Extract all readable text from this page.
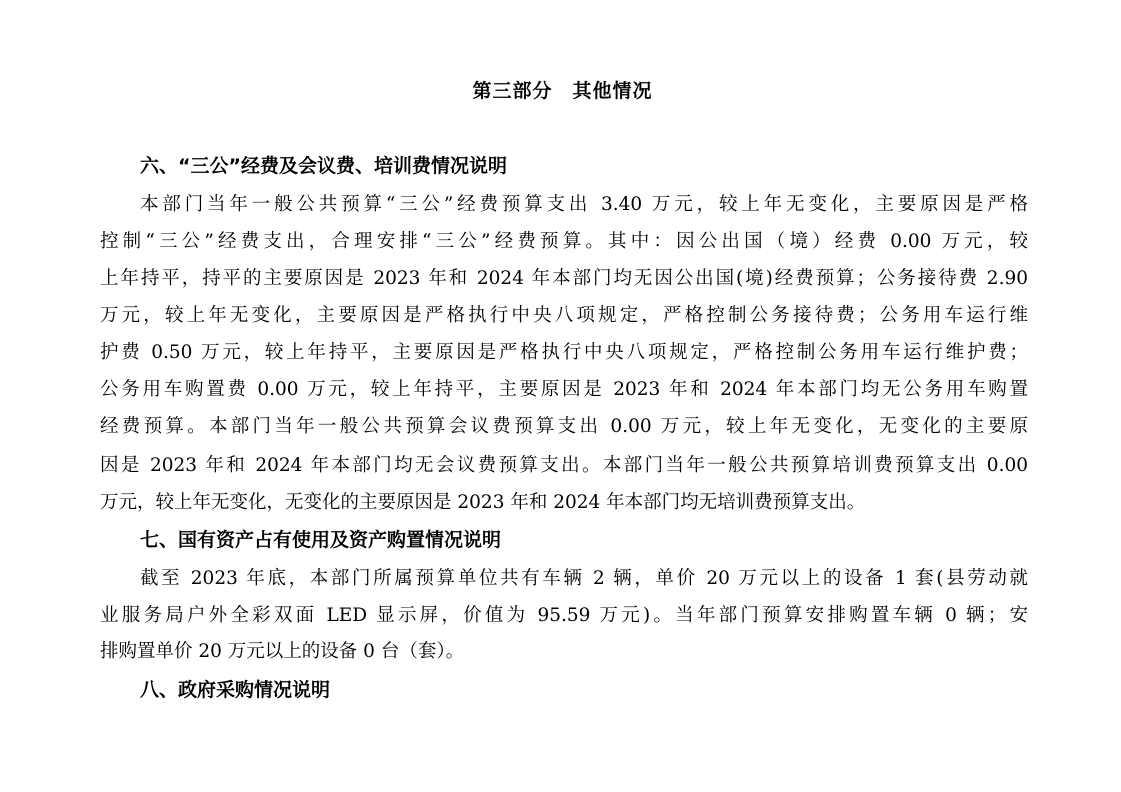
第三部分　其他情况
六、“三公”经费及会议费、培训费情况说明
本部门当年一般公共预算“三公”经费预算支出 3.40 万元，较上年无变化，主要原因是严格
控制“三公”经费支出，合理安排“三公”经费预算。其中：因公出国（境）经费 0.00 万元，较
上年持平，持平的主要原因是 2023 年和 2024 年本部门均无因公出国(境)经费预算；公务接待费 2.90
万元，较上年无变化，主要原因是严格执行中央八项规定，严格控制公务接待费；公务用车运行维
护费 0.50 万元，较上年持平，主要原因是严格执行中央八项规定，严格控制公务用车运行维护费；
公务用车购置费 0.00 万元，较上年持平，主要原因是 2023 年和 2024 年本部门均无公务用车购置
经费预算。本部门当年一般公共预算会议费预算支出 0.00 万元，较上年无变化，无变化的主要原
因是 2023 年和 2024 年本部门均无会议费预算支出。本部门当年一般公共预算培训费预算支出 0.00
万元，较上年无变化，无变化的主要原因是 2023 年和 2024 年本部门均无培训费预算支出。
七、国有资产占有使用及资产购置情况说明
截至 2023 年底，本部门所属预算单位共有车辆 2 辆，单价 20 万元以上的设备 1 套(县劳动就
业服务局户外全彩双面 LED 显示屏，价值为 95.59 万元)。当年部门预算安排购置车辆 0 辆；安
排购置单价 20 万元以上的设备 0 台（套）。
八、政府采购情况说明
